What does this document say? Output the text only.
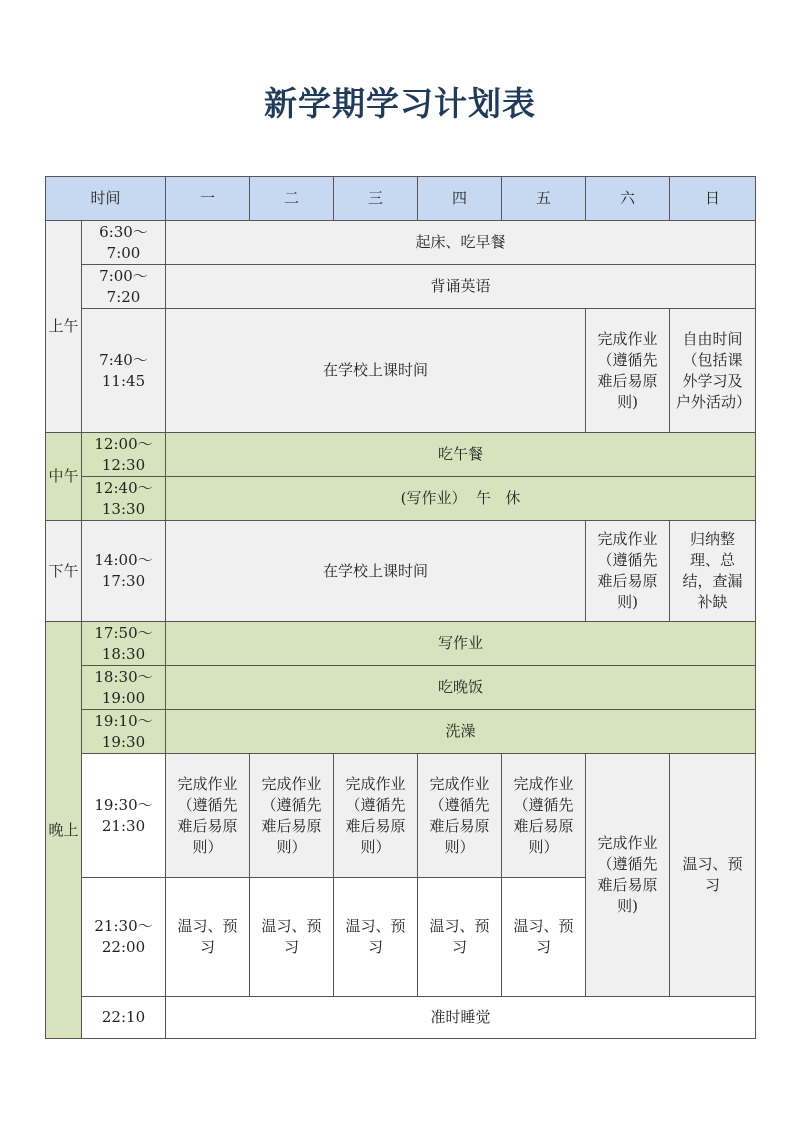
新学期学习计划表
时间		一	二	三	四	五	六	日
上午	6:30～7:00	起床、吃早餐						
	7:00～7:20	背诵英语						
	7:40～11:45	在学校上课时间					完成作业（遵循先难后易原则)	自由时间（包括课外学习及户外活动）
中午	12:00～12:30	吃午餐						
	12:40～13:30	(写作业）  午   休						
下午	14:00～17:30	在学校上课时间					完成作业（遵循先难后易原则)	归纳整理、总结，查漏补缺
晚上	17:50～18:30	写作业						
	18:30～19:00	吃晚饭						
	19:10～19:30	洗澡						
	19:30～21:30	完成作业（遵循先难后易原则）	完成作业（遵循先难后易原则）	完成作业（遵循先难后易原则）	完成作业（遵循先难后易原则）	完成作业（遵循先难后易原则）	完成作业（遵循先难后易原则)	温习、预习
	21:30～22:00	温习、预习	温习、预习	温习、预习	温习、预习	温习、预习		
	22:10	准时睡觉						
